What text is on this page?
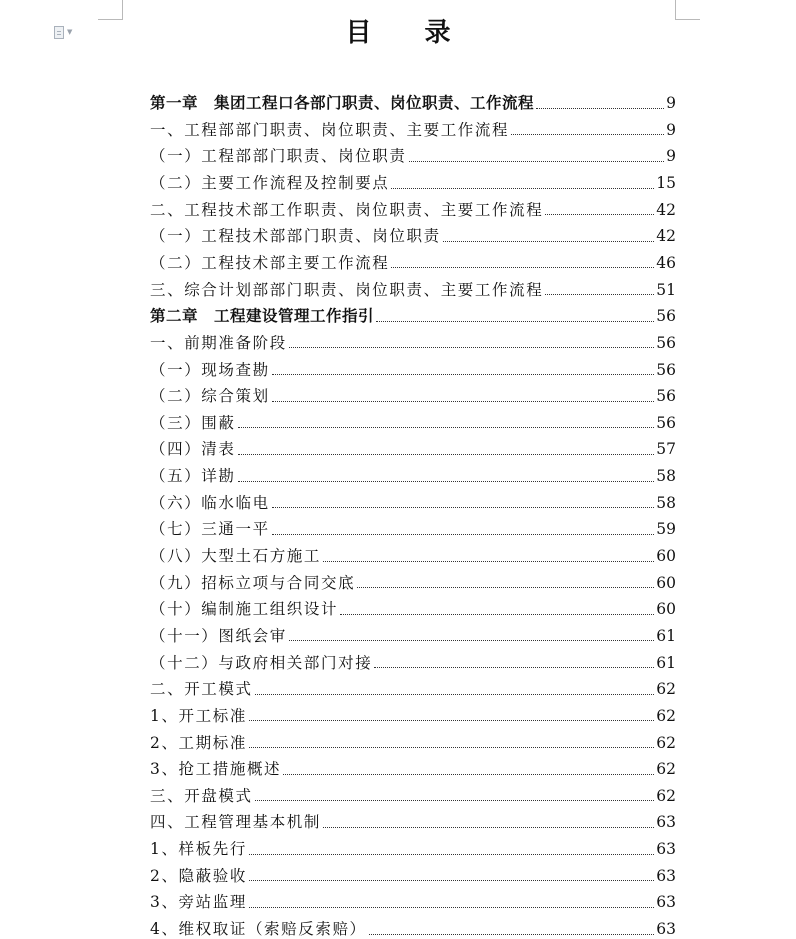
▼	目 录
第一章　集团工程口各部门职责、岗位职责、工作流程	9
一、工程部部门职责、岗位职责、主要工作流程	9
（一）工程部部门职责、岗位职责	9
（二）主要工作流程及控制要点	15
二、工程技术部工作职责、岗位职责、主要工作流程	42
（一）工程技术部部门职责、岗位职责	42
（二）工程技术部主要工作流程	46
三、综合计划部部门职责、岗位职责、主要工作流程	51
第二章　工程建设管理工作指引	56
一、前期准备阶段	56
（一）现场查勘	56
（二）综合策划	56
（三）围蔽	56
（四）清表	57
（五）详勘	58
（六）临水临电	58
（七）三通一平	59
（八）大型土石方施工	60
（九）招标立项与合同交底	60
（十）编制施工组织设计	60
（十一）图纸会审	61
（十二）与政府相关部门对接	61
二、开工模式	62
1、开工标准	62
2、工期标准	62
3、抢工措施概述	62
三、开盘模式	62
四、工程管理基本机制	63
1、样板先行	63
2、隐蔽验收	63
3、旁站监理	63
4、维权取证（索赔反索赔）	63
